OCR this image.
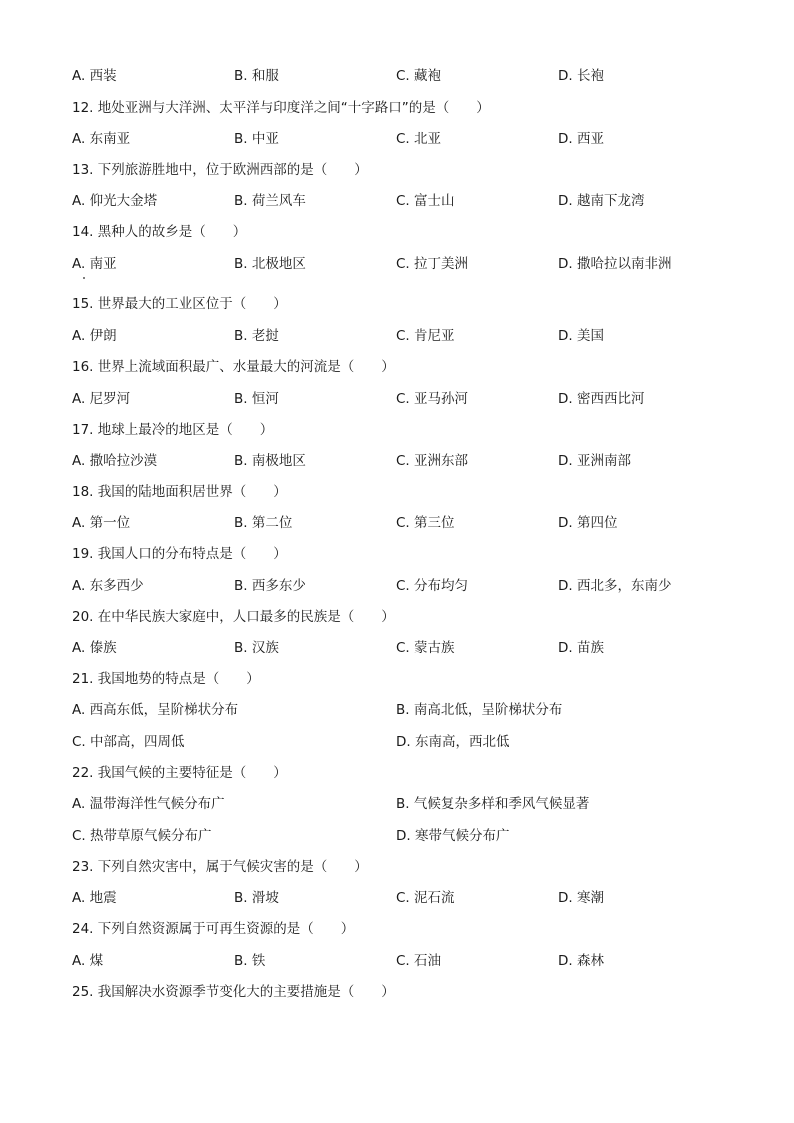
A. 西装	B. 和服	C. 藏袍	D. 长袍
12. 地处亚洲与大洋洲、太平洋与印度洋之间“十字路口”的是（　　）
A. 东南亚	B. 中亚	C. 北亚	D. 西亚
13. 下列旅游胜地中，位于欧洲西部的是（　　）
A. 仰光大金塔	B. 荷兰风车	C. 富士山	D. 越南下龙湾
14. 黑种人的故乡是（　　）
A. 南亚	B. 北极地区	C. 拉丁美洲	D. 撒哈拉以南非洲
15. 世界最大的工业区位于（　　）
A. 伊朗	B. 老挝	C. 肯尼亚	D. 美国
16. 世界上流域面积最广、水量最大的河流是（　　）
A. 尼罗河	B. 恒河	C. 亚马孙河	D. 密西西比河
17. 地球上最冷的地区是（　　）
A. 撒哈拉沙漠	B. 南极地区	C. 亚洲东部	D. 亚洲南部
18. 我国的陆地面积居世界（　　）
A. 第一位	B. 第二位	C. 第三位	D. 第四位
19. 我国人口的分布特点是（　　）
A. 东多西少	B. 西多东少	C. 分布均匀	D. 西北多，东南少
20. 在中华民族大家庭中，人口最多的民族是（　　）
A. 傣族	B. 汉族	C. 蒙古族	D. 苗族
21. 我国地势的特点是（　　）
A. 西高东低，呈阶梯状分布	B. 南高北低，呈阶梯状分布
C. 中部高，四周低	D. 东南高，西北低
22. 我国气候的主要特征是（　　）
A. 温带海洋性气候分布广	B. 气候复杂多样和季风气候显著
C. 热带草原气候分布广	D. 寒带气候分布广
23. 下列自然灾害中，属于气候灾害的是（　　）
A. 地震	B. 滑坡	C. 泥石流	D. 寒潮
24. 下列自然资源属于可再生资源的是（　　）
A. 煤	B. 铁	C. 石油	D. 森林
25. 我国解决水资源季节变化大的主要措施是（　　）
